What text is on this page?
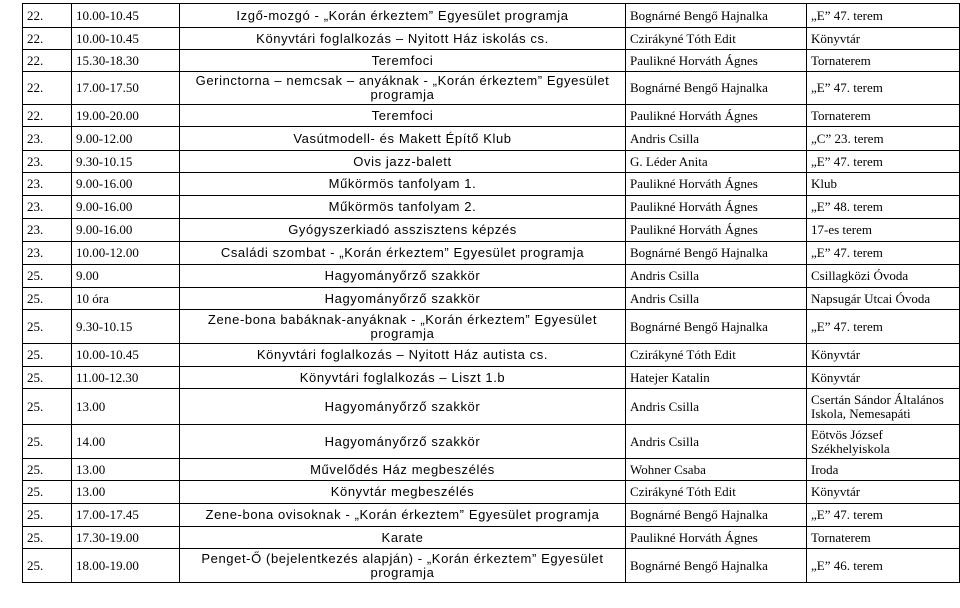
22.	10.00-10.45	Izgő-mozgó - „Korán érkeztem” Egyesület programja	Bognárné Bengő Hajnalka	„E” 47. terem
22.	10.00-10.45	Könyvtári foglalkozás – Nyitott Ház iskolás cs.	Cziráky​né Tóth Edit	Könyvtár
22.	15.30-18.30	Teremfoci	Paulikné Horváth Ágnes	Tornaterem
22.	17.00-17.50	Gerinctorna – nemcsak – anyáknak - „Korán érkeztem” Egyesület programja	Bognárné Bengő Hajnalka	„E” 47. terem
22.	19.00-20.00	Teremfoci	Paulikné Horváth Ágnes	Tornaterem
23.	9.00-12.00	Vasútmodell- és Makett Építő Klub	Andris Csilla	„C” 23. terem
23.	9.30-10.15	Ovis jazz-balett	G. Léder Anita	„E” 47. terem
23.	9.00-16.00	Műkörmös tanfolyam 1.	Paulikné Horváth Ágnes	Klub
23.	9.00-16.00	Műkörmös tanfolyam 2.	Paulikné Horváth Ágnes	„E” 48. terem
23.	9.00-16.00	Gyógyszerkiadó asszisztens képzés	Paulikné Horváth Ágnes	17-es terem
23.	10.00-12.00	Családi szombat - „Korán érkeztem” Egyesület programja	Bognárné Bengő Hajnalka	„E” 47. terem
25.	9.00	Hagyományőrző szakkör	Andris Csilla	Csillagközi Óvoda
25.	10 óra	Hagyományőrző szakkör	Andris Csilla	Napsugár Utcai Óvoda
25.	9.30-10.15	Zene-bona babáknak-anyáknak - „Korán érkeztem” Egyesület programja	Bognárné Bengő Hajnalka	„E” 47. terem
25.	10.00-10.45	Könyvtári foglalkozás – Nyitott Ház autista cs.	Cziráky​né Tóth Edit	Könyvtár
25.	11.00-12.30	Könyvtári foglalkozás – Liszt 1.b	Hatejer Katalin	Könyvtár
25.	13.00	Hagyományőrző szakkör	Andris Csilla	Csertán Sándor Általános Iskola, Nemesapáti
25.	14.00	Hagyományőrző szakkör	Andris Csilla	Eötvös József Székhelyiskola
25.	13.00	Művelődés Ház megbeszélés	Wohner Csaba	Iroda
25.	13.00	Könyvtár megbeszélés	Cziráky​né Tóth Edit	Könyvtár
25.	17.00-17.45	Zene-bona ovisoknak - „Korán érkeztem” Egyesület programja	Bognárné Bengő Hajnalka	„E” 47. terem
25.	17.30-19.00	Karate	Paulikné Horváth Ágnes	Tornaterem
25.	18.00-19.00	Penget-Ő (bejelentkezés alapján) - „Korán érkeztem” Egyesület programja	Bognárné Bengő Hajnalka	„E” 46. terem
